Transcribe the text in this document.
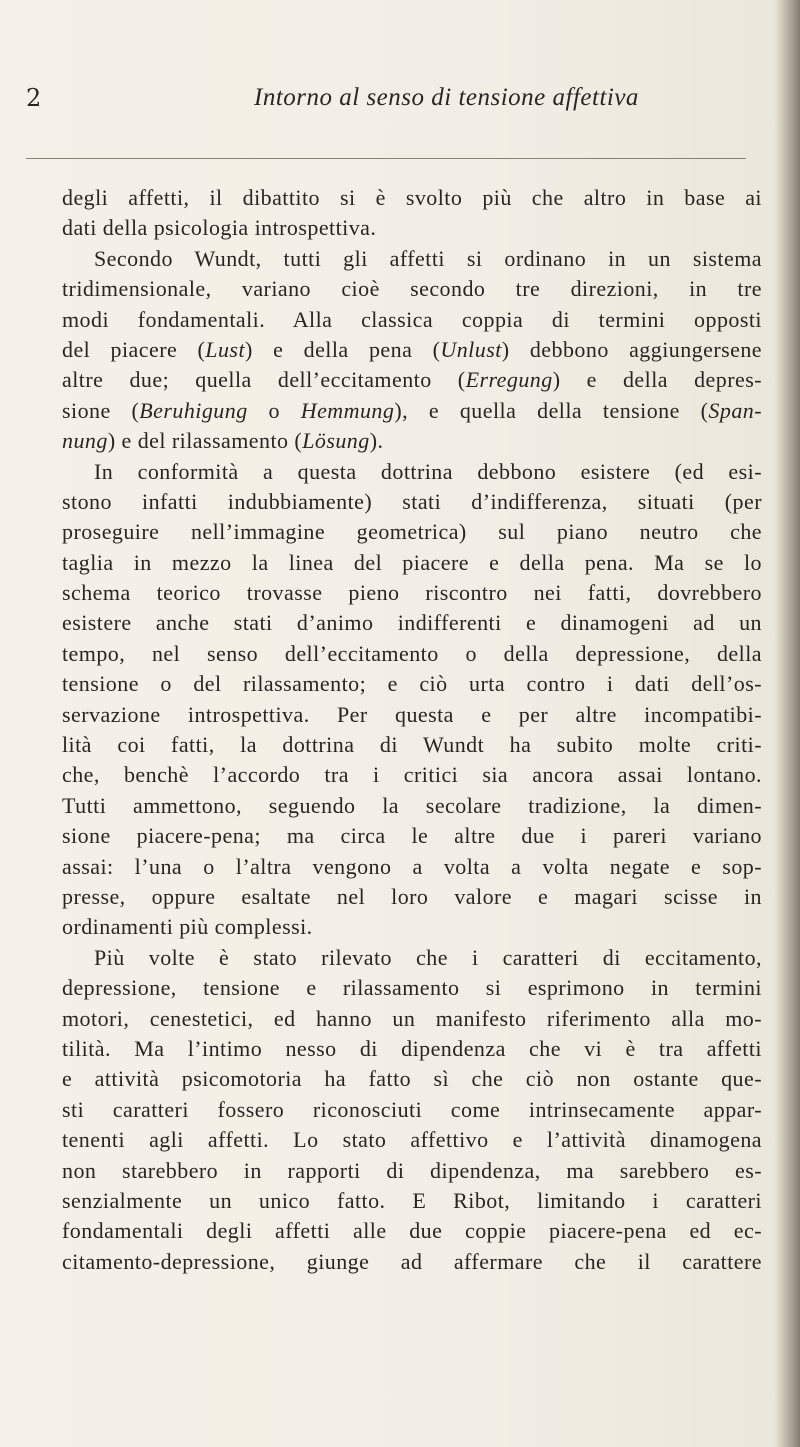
2	Intorno al senso di tensione affettiva
degli affetti, il dibattito si è svolto più che altro in base ai
dati della psicologia introspettiva.
Secondo Wundt, tutti gli affetti si ordinano in un sistema
tridimensionale, variano cioè secondo tre direzioni, in tre
modi fondamentali. Alla classica coppia di termini opposti
del piacere (Lust) e della pena (Unlust) debbono aggiungersene
altre due; quella dell’eccitamento (Erregung) e della depres-
sione (Beruhigung o Hemmung), e quella della tensione (Span-
nung) e del rilassamento (Lösung).
In conformità a questa dottrina debbono esistere (ed esi-
stono infatti indubbiamente) stati d’indifferenza, situati (per
proseguire nell’immagine geometrica) sul piano neutro che
taglia in mezzo la linea del piacere e della pena. Ma se lo
schema teorico trovasse pieno riscontro nei fatti, dovrebbero
esistere anche stati d’animo indifferenti e dinamogeni ad un
tempo, nel senso dell’eccitamento o della depressione, della
tensione o del rilassamento; e ciò urta contro i dati dell’os-
servazione introspettiva. Per questa e per altre incompatibi-
lità coi fatti, la dottrina di Wundt ha subito molte criti-
che, benchè l’accordo tra i critici sia ancora assai lontano.
Tutti ammettono, seguendo la secolare tradizione, la dimen-
sione piacere-pena; ma circa le altre due i pareri variano
assai: l’una o l’altra vengono a volta a volta negate e sop-
presse, oppure esaltate nel loro valore e magari scisse in
ordinamenti più complessi.
Più volte è stato rilevato che i caratteri di eccitamento,
depressione, tensione e rilassamento si esprimono in termini
motori, cenestetici, ed hanno un manifesto riferimento alla mo-
tilità. Ma l’intimo nesso di dipendenza che vi è tra affetti
e attività psicomotoria ha fatto sì che ciò non ostante que-
sti caratteri fossero riconosciuti come intrinsecamente appar-
tenenti agli affetti. Lo stato affettivo e l’attività dinamogena
non starebbero in rapporti di dipendenza, ma sarebbero es-
senzialmente un unico fatto. E Ribot, limitando i caratteri
fondamentali degli affetti alle due coppie piacere-pena ed ec-
citamento-depressione, giunge ad affermare che il carattere
